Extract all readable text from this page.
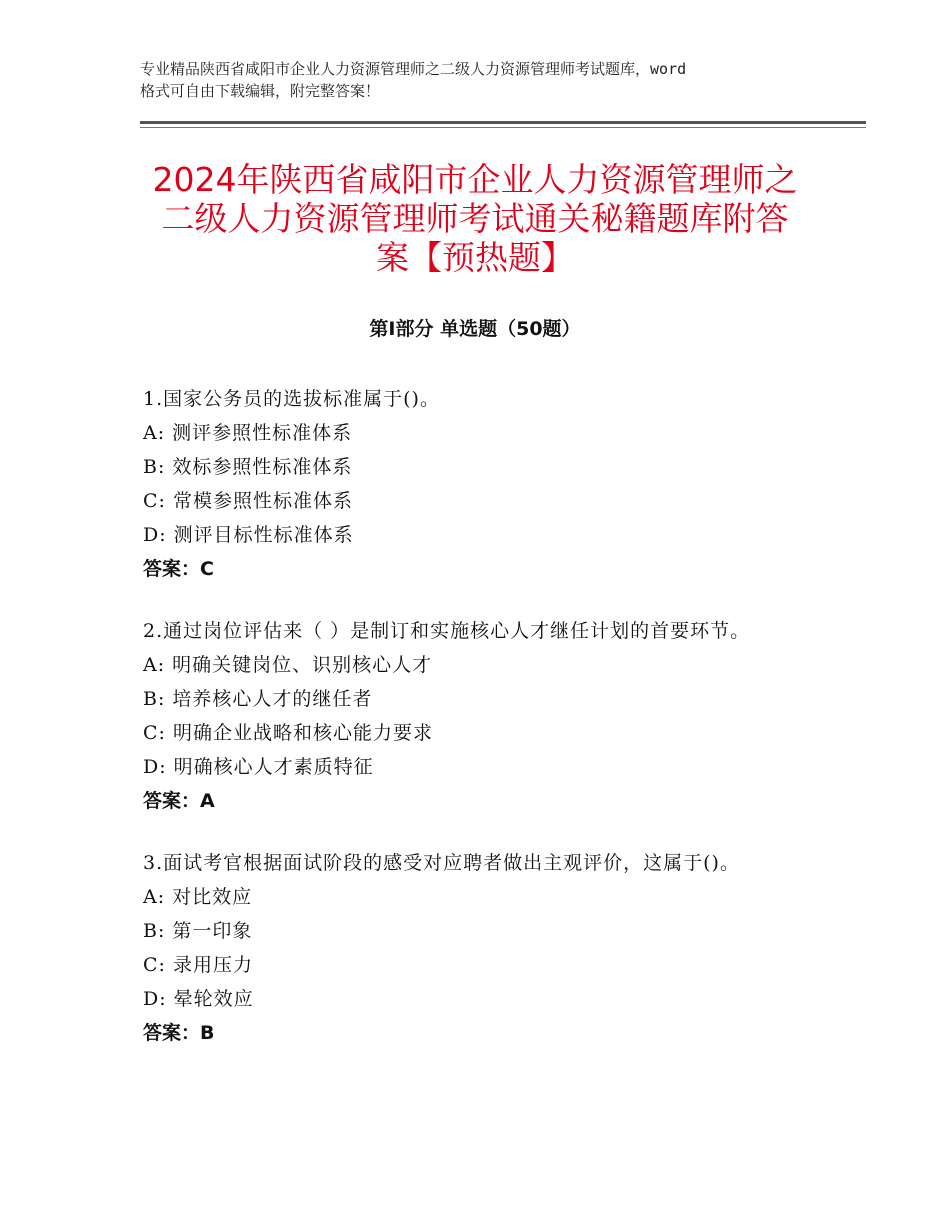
专业精品陕西省咸阳市企业人力资源管理师之二级人力资源管理师考试题库，word
格式可自由下载编辑，附完整答案！
2024年陕西省咸阳市企业人力资源管理师之
二级人力资源管理师考试通关秘籍题库附答
案【预热题】
第Ⅰ部分 单选题（50题）
1.国家公务员的选拔标准属于()。
A: 测评参照性标准体系
B: 效标参照性标准体系
C: 常模参照性标准体系
D: 测评目标性标准体系
答案：C
2.通过岗位评估来（ ）是制订和实施核心人才继任计划的首要环节。
A: 明确关键岗位、识别核心人才
B: 培养核心人才的继任者
C: 明确企业战略和核心能力要求
D: 明确核心人才素质特征
答案：A
3.面试考官根据面试阶段的感受对应聘者做出主观评价，这属于()。
A: 对比效应
B: 第一印象
C: 录用压力
D: 晕轮效应
答案：B
